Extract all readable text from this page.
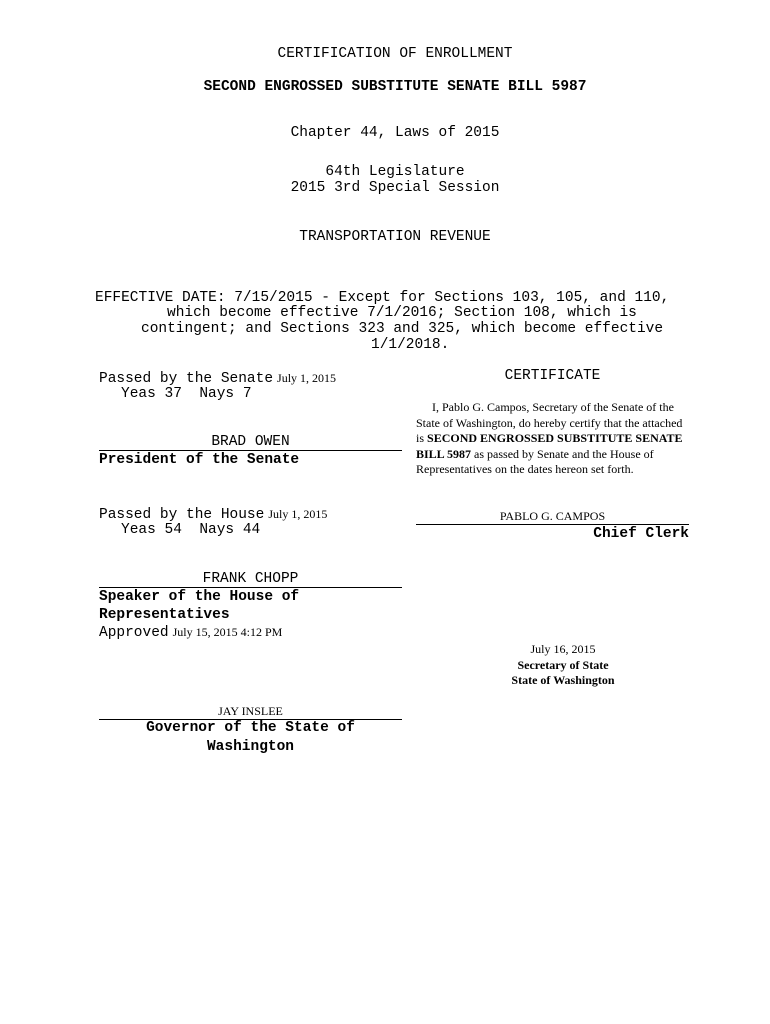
CERTIFICATION OF ENROLLMENT
SECOND ENGROSSED SUBSTITUTE SENATE BILL 5987
Chapter 44, Laws of 2015
64th Legislature
2015 3rd Special Session
TRANSPORTATION REVENUE
EFFECTIVE DATE: 7/15/2015 - Except for Sections 103, 105, and 110,
which become effective 7/1/2016; Section 108, which is
contingent; and Sections 323 and 325, which become effective
1/1/2018.
Passed by the Senate July 1, 2015
Yeas 37  Nays 7
BRAD OWEN
President of the Senate
Passed by the House July 1, 2015
Yeas 54  Nays 44
FRANK CHOPP
Speaker of the House of
Representatives
Approved July 15, 2015 4:12 PM
JAY INSLEE
Governor of the State of
Washington
CERTIFICATE
I, Pablo G. Campos, Secretary of the Senate of the State of Washington, do hereby certify that the attached is SECOND ENGROSSED SUBSTITUTE SENATE BILL 5987 as passed by Senate and the House of Representatives on the dates hereon set forth.
PABLO G. CAMPOS
Chief Clerk
July 16, 2015
Secretary of State
State of Washington
